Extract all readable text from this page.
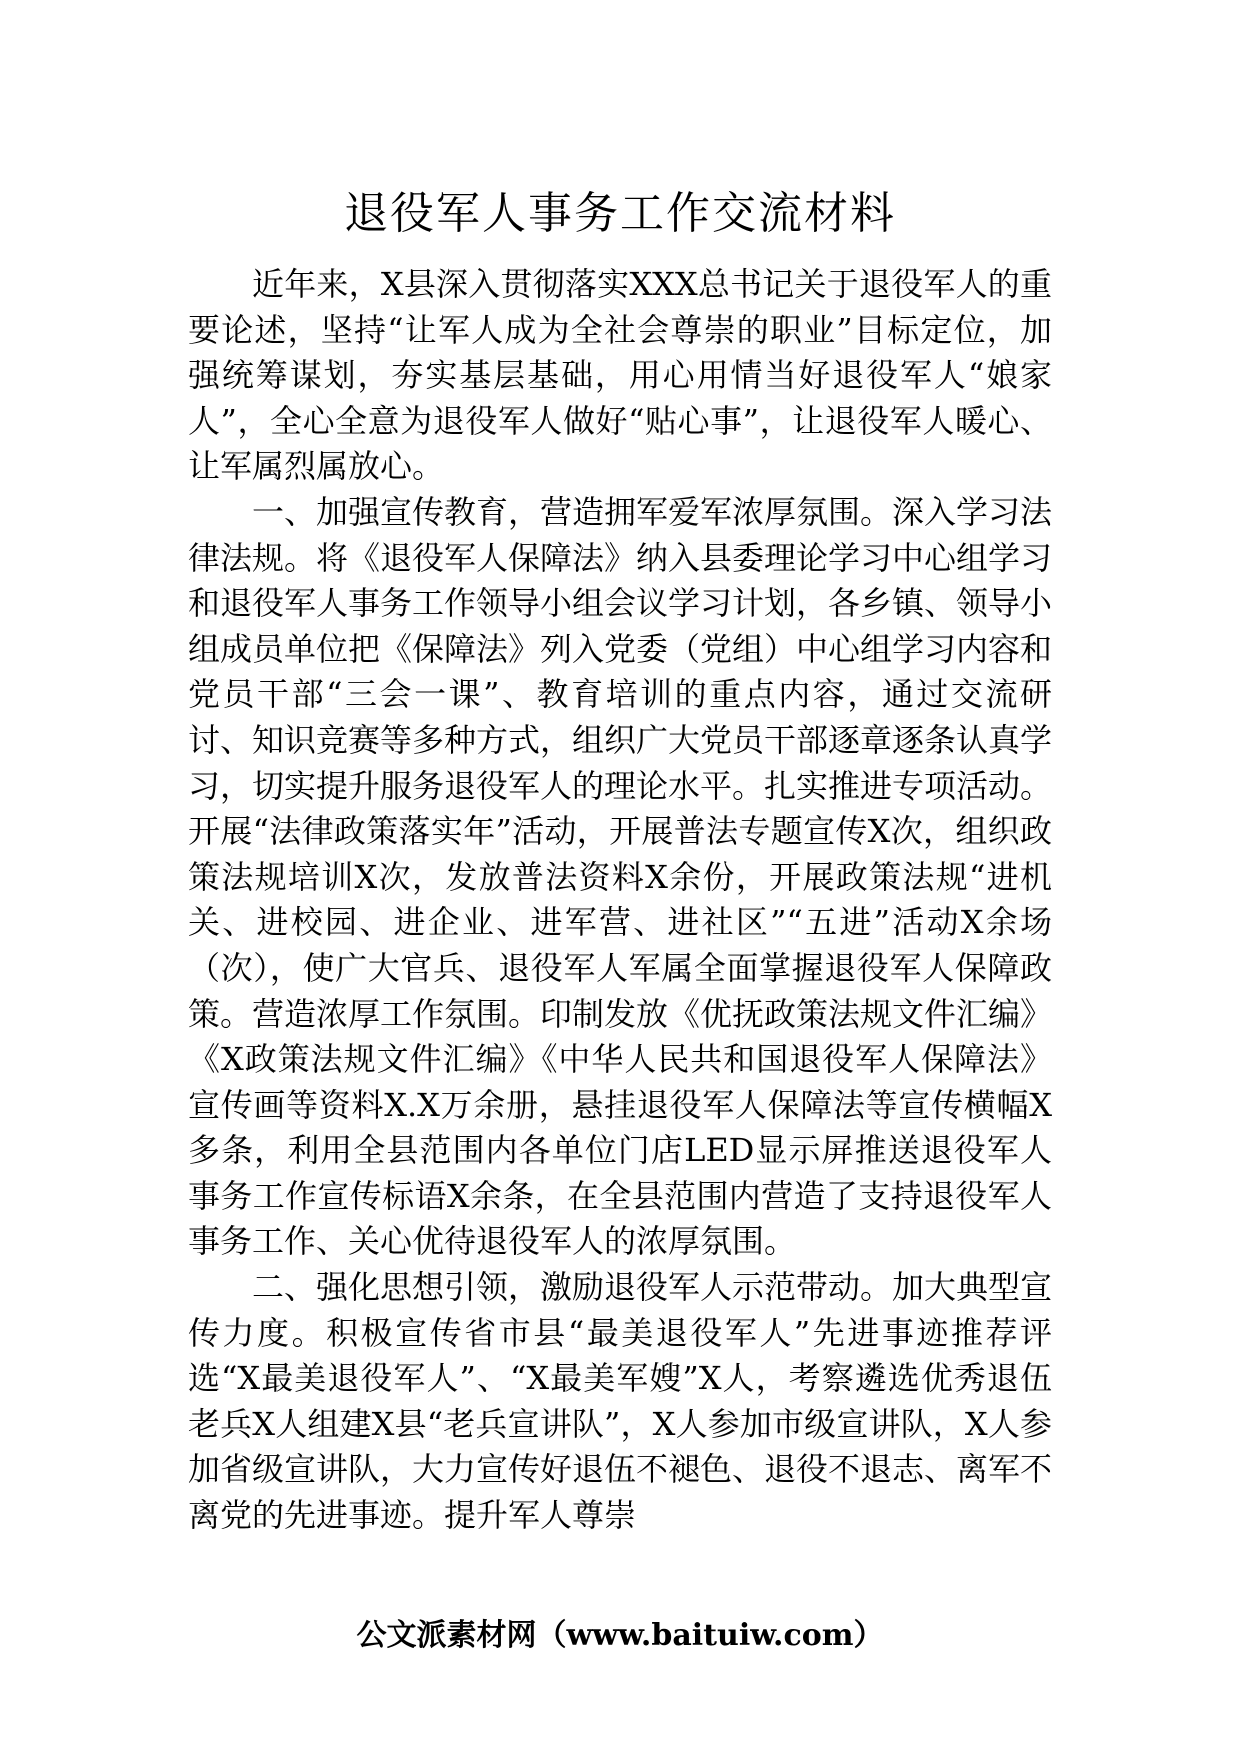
退役军人事务工作交流材料

近年来，X县深入贯彻落实XXX总书记关于退役军人的重要论述，坚持“让军人成为全社会尊崇的职业”目标定位，加强统筹谋划，夯实基层基础，用心用情当好退役军人“娘家人”，全心全意为退役军人做好“贴心事”，让退役军人暖心、让军属烈属放心。

一、加强宣传教育，营造拥军爱军浓厚氛围。深入学习法律法规。将《退役军人保障法》纳入县委理论学习中心组学习和退役军人事务工作领导小组会议学习计划，各乡镇、领导小组成员单位把《保障法》列入党委（党组）中心组学习内容和党员干部“三会一课”、教育培训的重点内容，通过交流研讨、知识竞赛等多种方式，组织广大党员干部逐章逐条认真学习，切实提升服务退役军人的理论水平。扎实推进专项活动。开展“法律政策落实年”活动，开展普法专题宣传X次，组织政策法规培训X次，发放普法资料X余份，开展政策法规“进机关、进校园、进企业、进军营、进社区”“五进”活动X余场（次），使广大官兵、退役军人军属全面掌握退役军人保障政策。营造浓厚工作氛围。印制发放《优抚政策法规文件汇编》《X政策法规文件汇编》《中华人民共和国退役军人保障法》宣传画等资料X.X万余册，悬挂退役军人保障法等宣传横幅X多条，利用全县范围内各单位门店LED显示屏推送退役军人事务工作宣传标语X余条，在全县范围内营造了支持退役军人事务工作、关心优待退役军人的浓厚氛围。

二、强化思想引领，激励退役军人示范带动。加大典型宣传力度。积极宣传省市县“最美退役军人”先进事迹推荐评选“X最美退役军人”、“X最美军嫂”X人，考察遴选优秀退伍老兵X人组建X县“老兵宣讲队”，X人参加市级宣讲队，X人参加省级宣讲队，大力宣传好退伍不褪色、退役不退志、离军不离党的先进事迹。提升军人尊崇

公文派素材网（www.baituiw.com）
